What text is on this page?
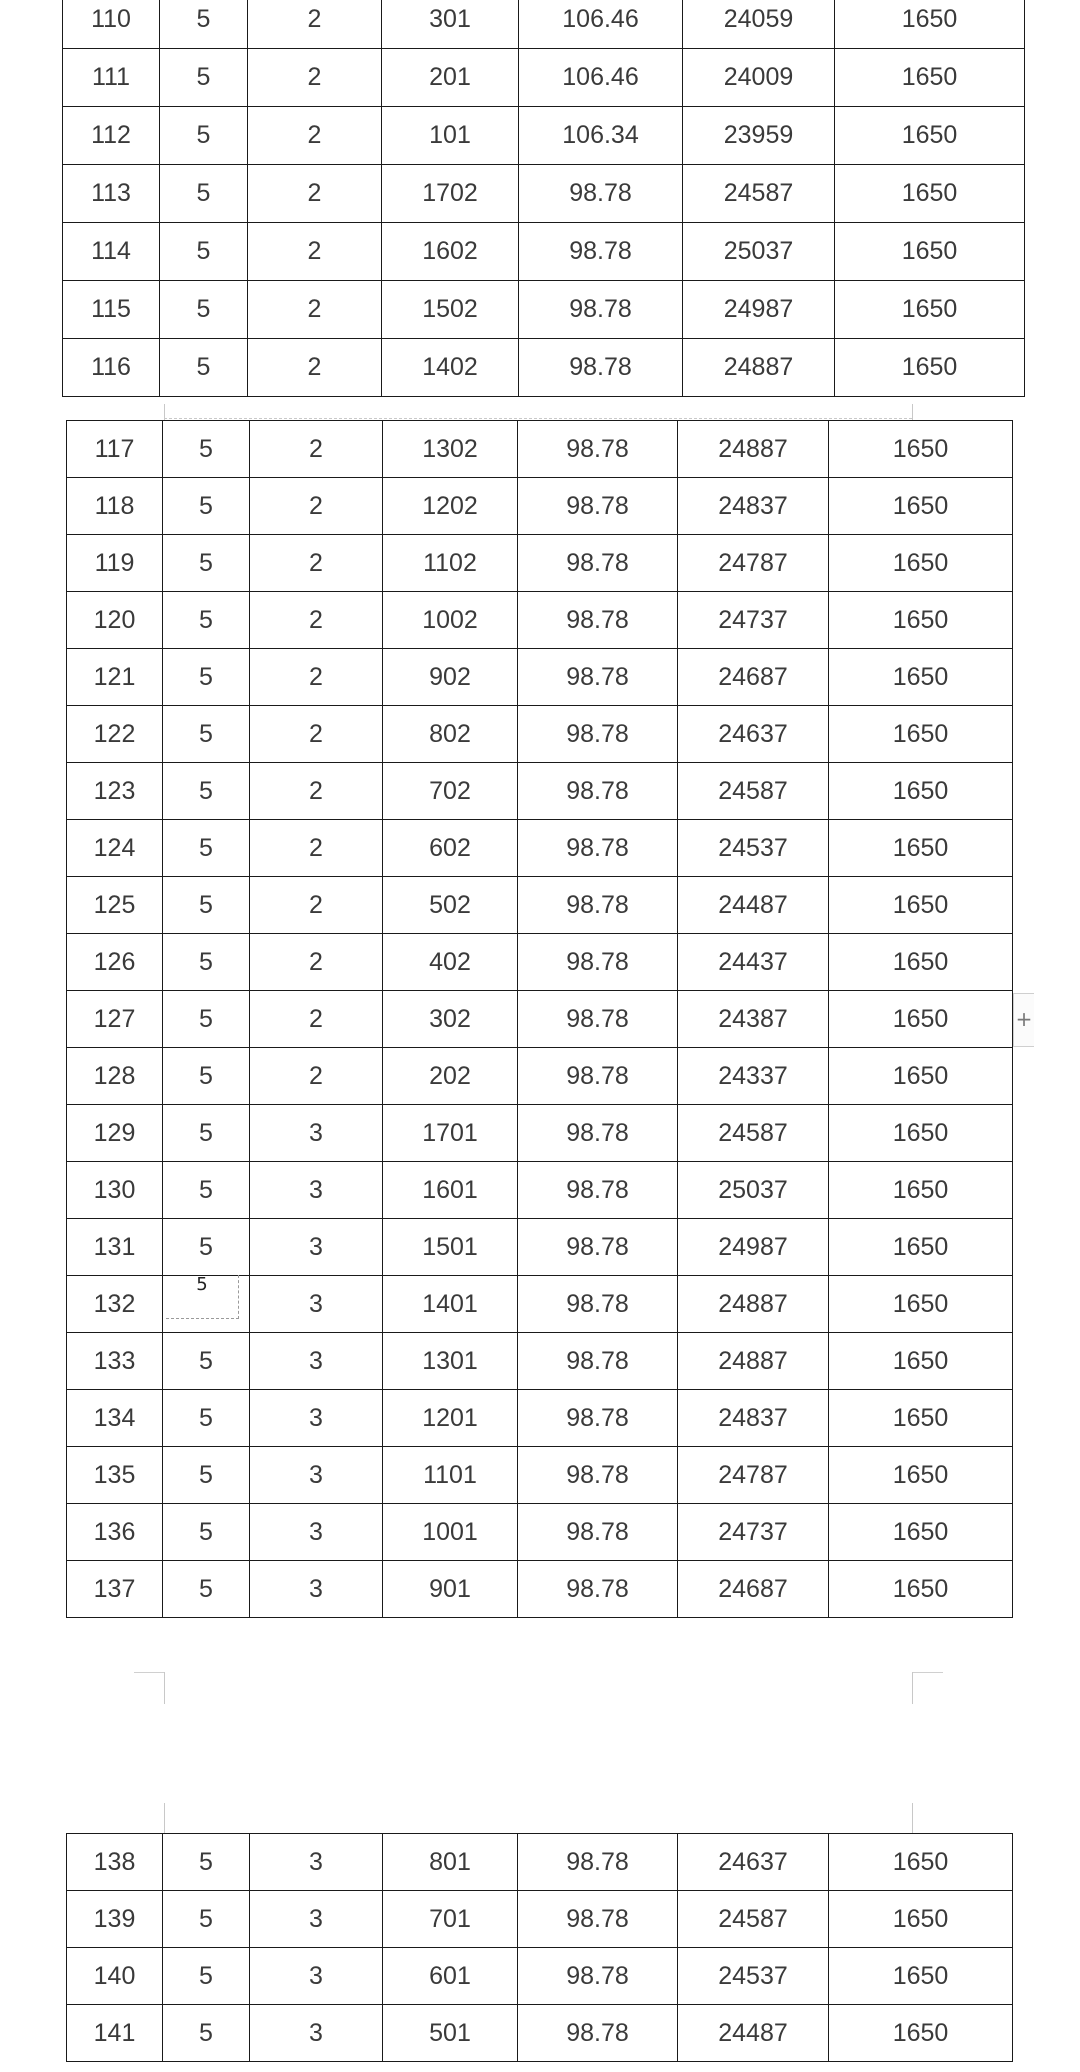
110	5	2	301	106.46	24059	1650
111	5	2	201	106.46	24009	1650
112	5	2	101	106.34	23959	1650
113	5	2	1702	98.78	24587	1650
114	5	2	1602	98.78	25037	1650
115	5	2	1502	98.78	24987	1650
116	5	2	1402	98.78	24887	1650
117	5	2	1302	98.78	24887	1650
118	5	2	1202	98.78	24837	1650
119	5	2	1102	98.78	24787	1650
120	5	2	1002	98.78	24737	1650
121	5	2	902	98.78	24687	1650
122	5	2	802	98.78	24637	1650
123	5	2	702	98.78	24587	1650
124	5	2	602	98.78	24537	1650
125	5	2	502	98.78	24487	1650
126	5	2	402	98.78	24437	1650
127	5	2	302	98.78	24387	1650
128	5	2	202	98.78	24337	1650
129	5	3	1701	98.78	24587	1650
130	5	3	1601	98.78	25037	1650
131	5	3	1501	98.78	24987	1650
132	5	3	1401	98.78	24887	1650
133	5	3	1301	98.78	24887	1650
134	5	3	1201	98.78	24837	1650
135	5	3	1101	98.78	24787	1650
136	5	3	1001	98.78	24737	1650
137	5	3	901	98.78	24687	1650
138	5	3	801	98.78	24637	1650
139	5	3	701	98.78	24587	1650
140	5	3	601	98.78	24537	1650
141	5	3	501	98.78	24487	1650
+
